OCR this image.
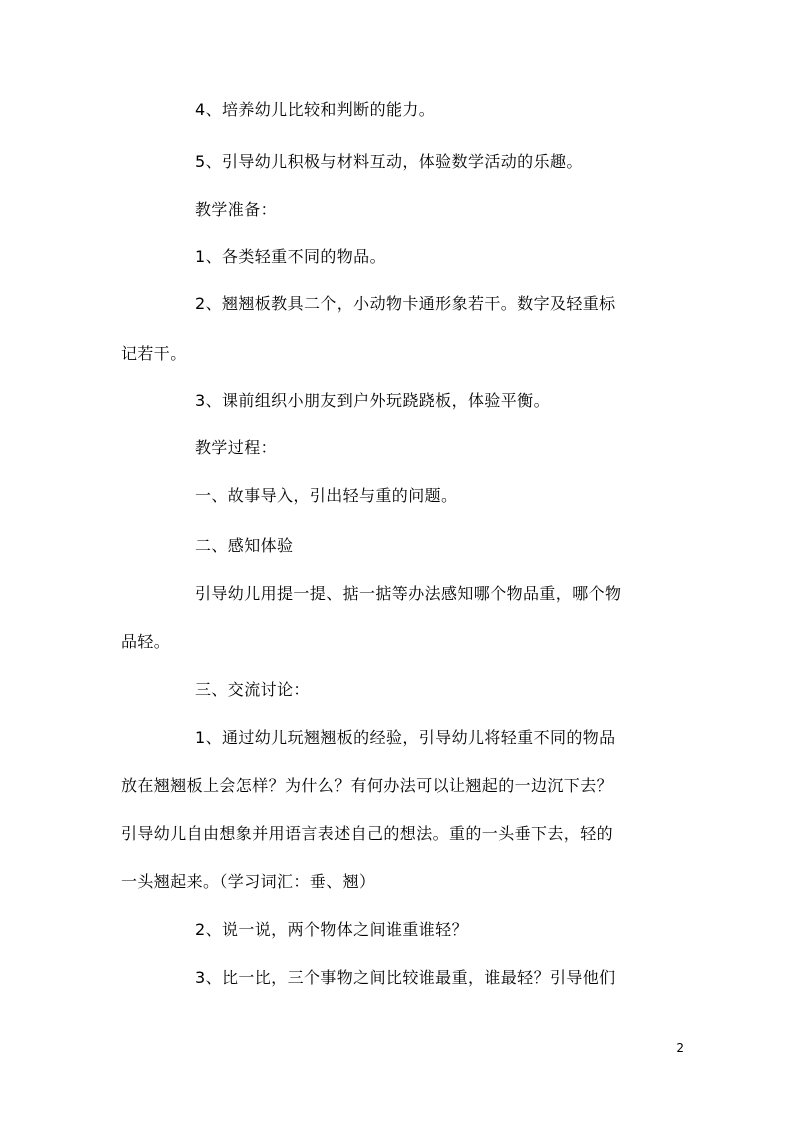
4、培养幼儿比较和判断的能力。
5、引导幼儿积极与材料互动，体验数学活动的乐趣。
教学准备：
1、各类轻重不同的物品。
2、翘翘板教具二个，小动物卡通形象若干。数字及轻重标
记若干。
3、课前组织小朋友到户外玩跷跷板，体验平衡。
教学过程：
一、故事导入，引出轻与重的问题。
二、感知体验
引导幼儿用提一提、掂一掂等办法感知哪个物品重，哪个物
品轻。
三、交流讨论：
1、通过幼儿玩翘翘板的经验，引导幼儿将轻重不同的物品
放在翘翘板上会怎样？为什么？有何办法可以让翘起的一边沉下去？
引导幼儿自由想象并用语言表述自己的想法。重的一头垂下去，轻的
一头翘起来。（学习词汇：垂、翘）
2、说一说，两个物体之间谁重谁轻？
3、比一比，三个事物之间比较谁最重，谁最轻？引导他们
2
